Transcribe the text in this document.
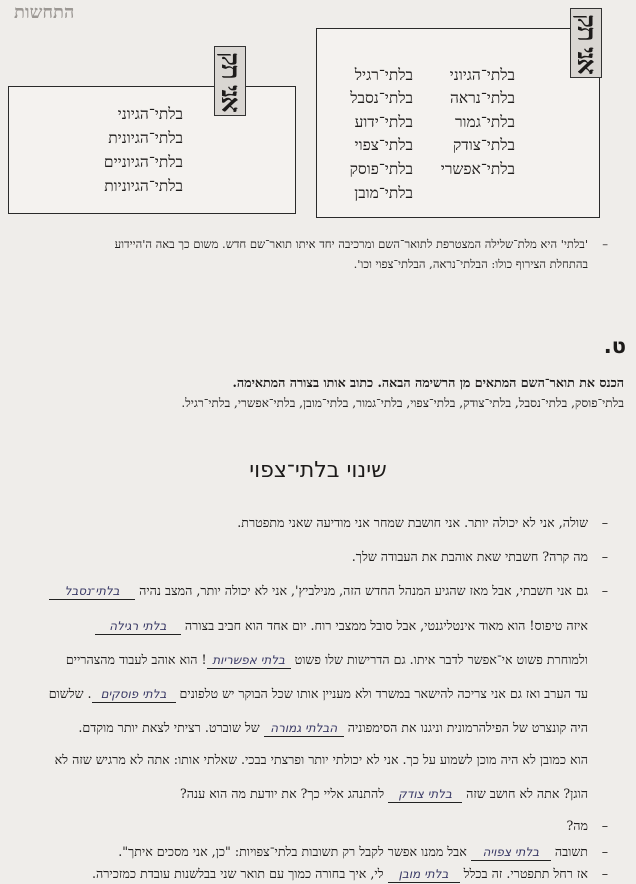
התחשות
בלתי־הגיוני
בלתי־נראה
בלתי־גמור
בלתי־צודק
בלתי־אפשרי
בלתי־רגיל
בלתי־נסבל
בלתי־ידוע
בלתי־צפוי
בלתי־פוסק
בלתי־מובן
אני תק
בלתי־הגיוני
בלתי־הגיונית
בלתי־הגיוניים
בלתי־הגיוניות
אני תק
–'בלתי' היא מלת־שלילה המצטרפת לתואר־השם ומרכיבה יחד איתו תואר־שם חדש. משום כך באה ה'היידוע
בהתחלת הצירוף כולו: הבלתי־נראה, הבלתי־צפוי וכו'.
ט.
הכנס את תואר־השם המתאים מן הרשימה הבאה. כתוב אותו בצורה המתאימה.
בלתי־פוסק, בלתי־נסבל, בלתי־צודק, בלתי־צפוי, בלתי־גמור, בלתי־מובן, בלתי־אפשרי, בלתי־רגיל.
שינוי בלתי־צפוי
–שולה, אני לא יכולה יותר. אני חושבת שמחר אני מודיעה שאני מתפטרת.
–מה קרה? חשבתי שאת אוהבת את העבודה שלך.
–גם אני חשבתי, אבל מאז שהגיע המנהל החדש הזה, מנילביץ', אני לא יכולה יותר, המצב נהיה בלתי־נסבל
איזה טיפוס! הוא מאוד אינטליגנטי, אבל סובל ממצבי רוח. יום אחד הוא חביב בצורה בלתי רגילה
ולמוחרת פשוט אי־אפשר לדבר איתו. גם הדרישות שלו פשוט בלתי אפשריות! הוא אוהב לעבוד מהצהריים
עד הערב ואז גם אני צריכה להישאר במשרד ולא מעניין אותו שכל הבוקר יש טלפונים בלתי פוסקים. שלשום
היה קונצרט של הפילהרמונית וניגנו את הסימפוניה הבלתי גמורה של שוברט. רציתי לצאת יותר מוקדם.
הוא כמובן לא היה מוכן לשמוע על כך. אני לא יכולתי יותר ופרצתי בבכי. שאלתי אותו: אתה לא מרגיש שזה לא
הוגן? אתה לא חושב שזה בלתי צודק להתנהג אליי כך? את יודעת מה הוא ענה?
–מה?
–תשובה בלתי צפויה אבל ממנו אפשר לקבל רק תשובות בלתי־צפויות: "כן, אני מסכים איתך".
–אז רחל תתפטרי. זה בכלל בלתי מובן לי, איך בחורה כמוך עם תואר שני בבלשנות עובדת כמזכירה.
